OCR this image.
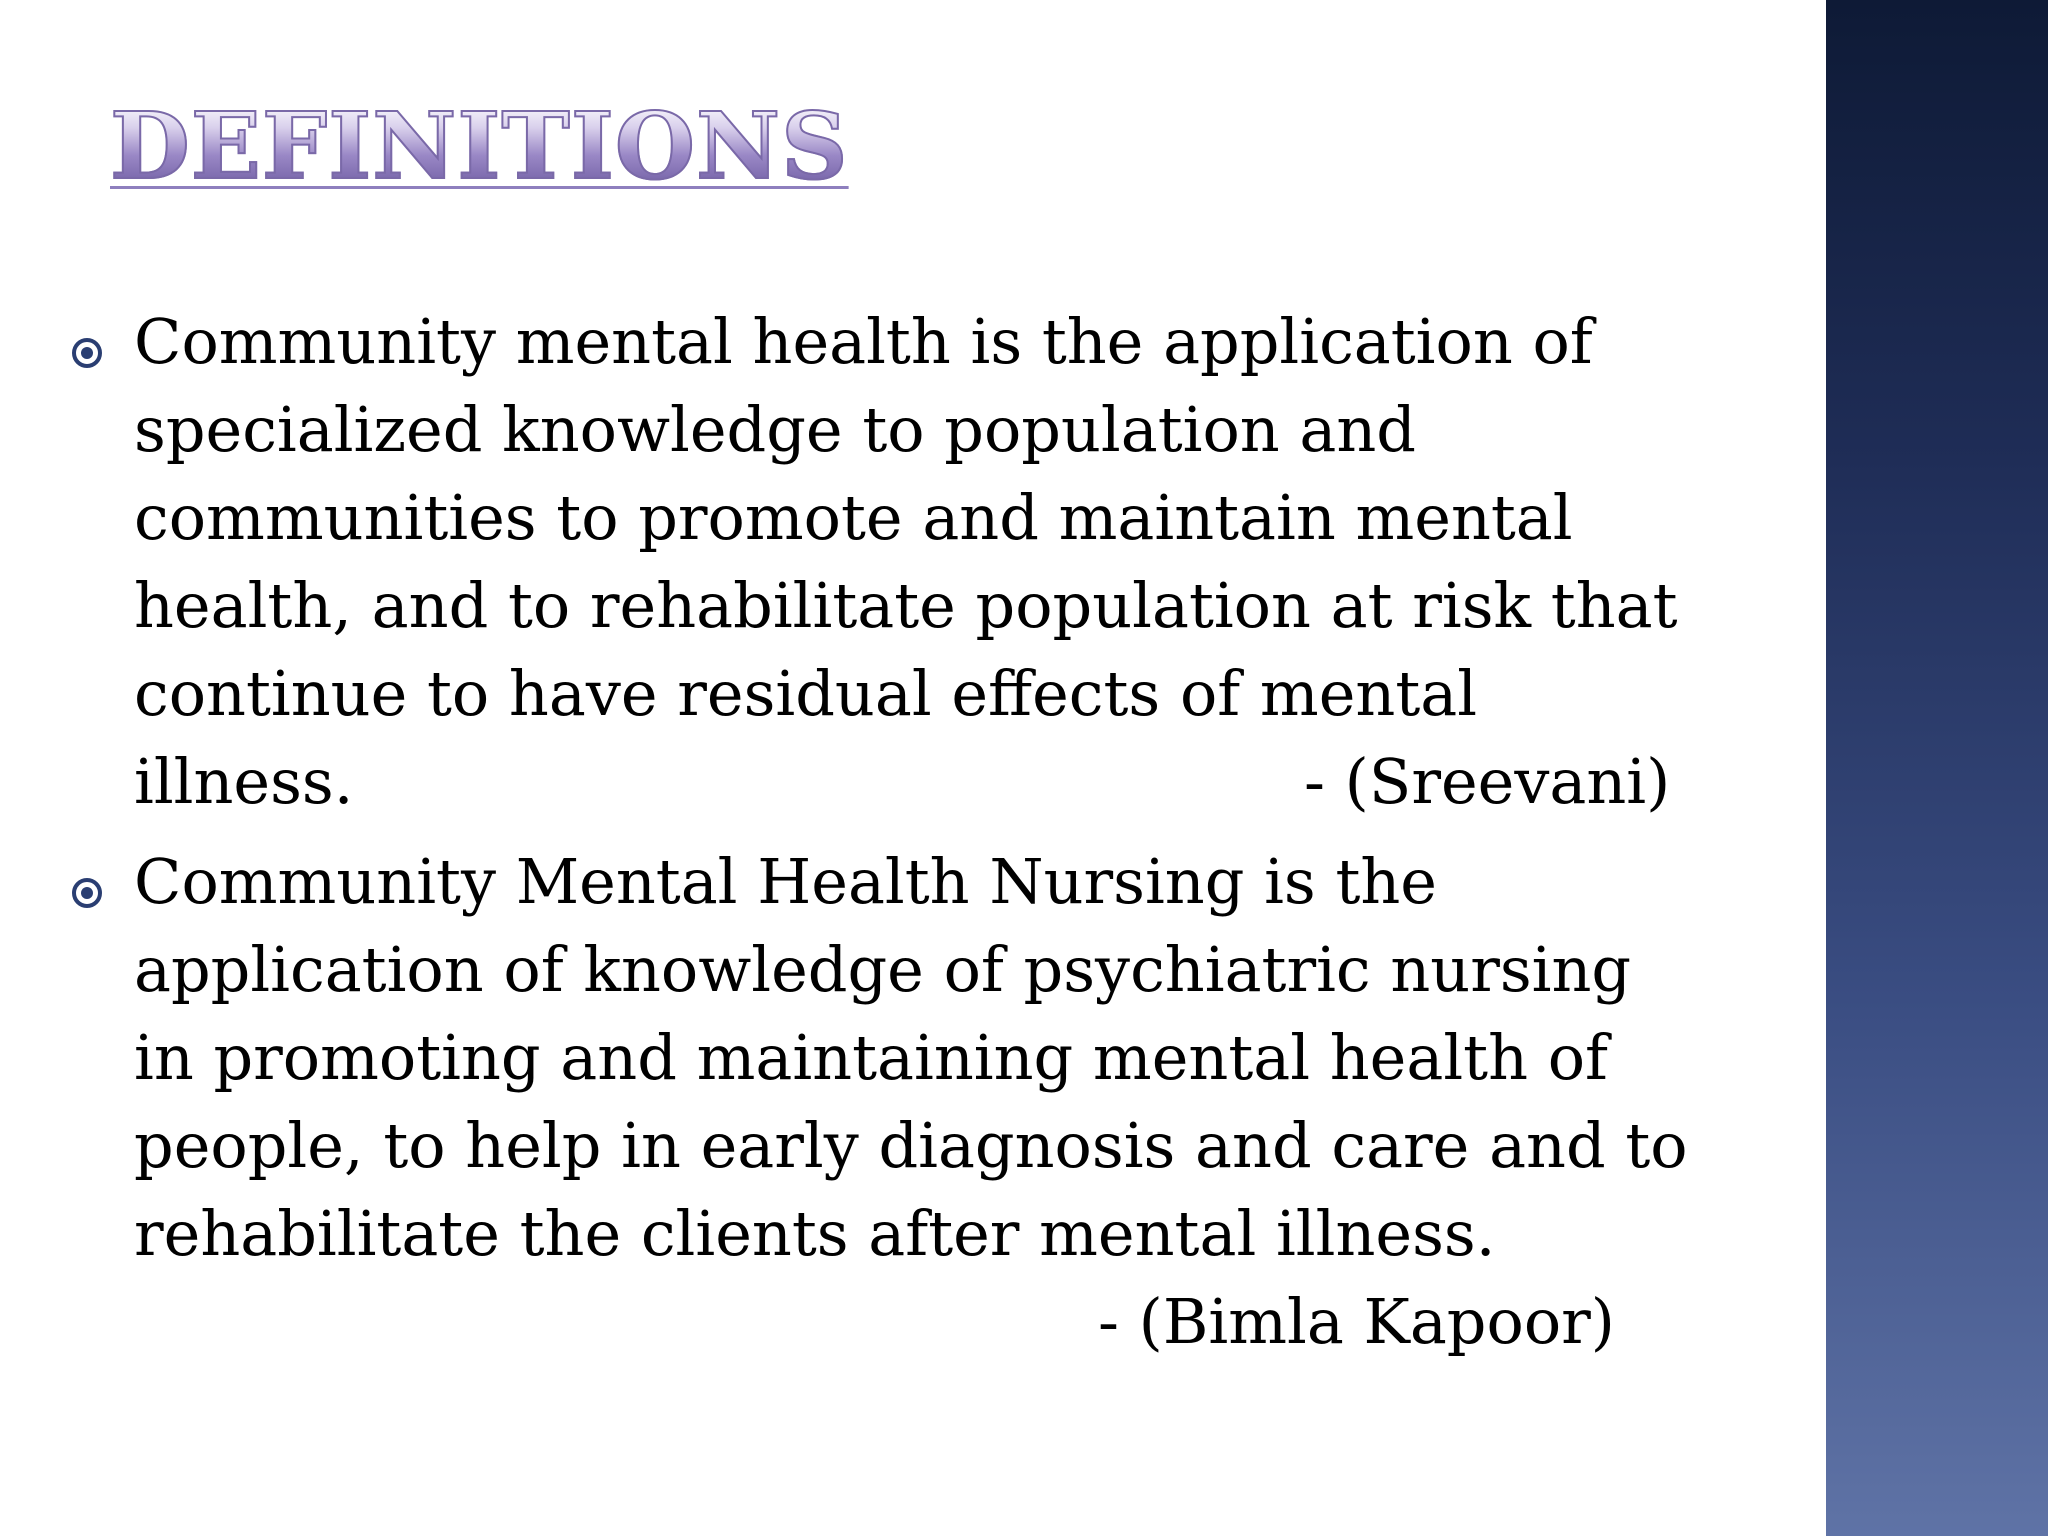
DEFINITIONS

Community mental health is the application of
specialized knowledge to population and
communities to promote and maintain mental
health, and to rehabilitate population at risk that
continue to have residual effects of mental
illness.	- (Sreevani)

Community Mental Health Nursing is the
application of knowledge of psychiatric nursing
in promoting and maintaining mental health of
people, to help in early diagnosis and care and to
rehabilitate the clients after mental illness.
- (Bimla Kapoor)
